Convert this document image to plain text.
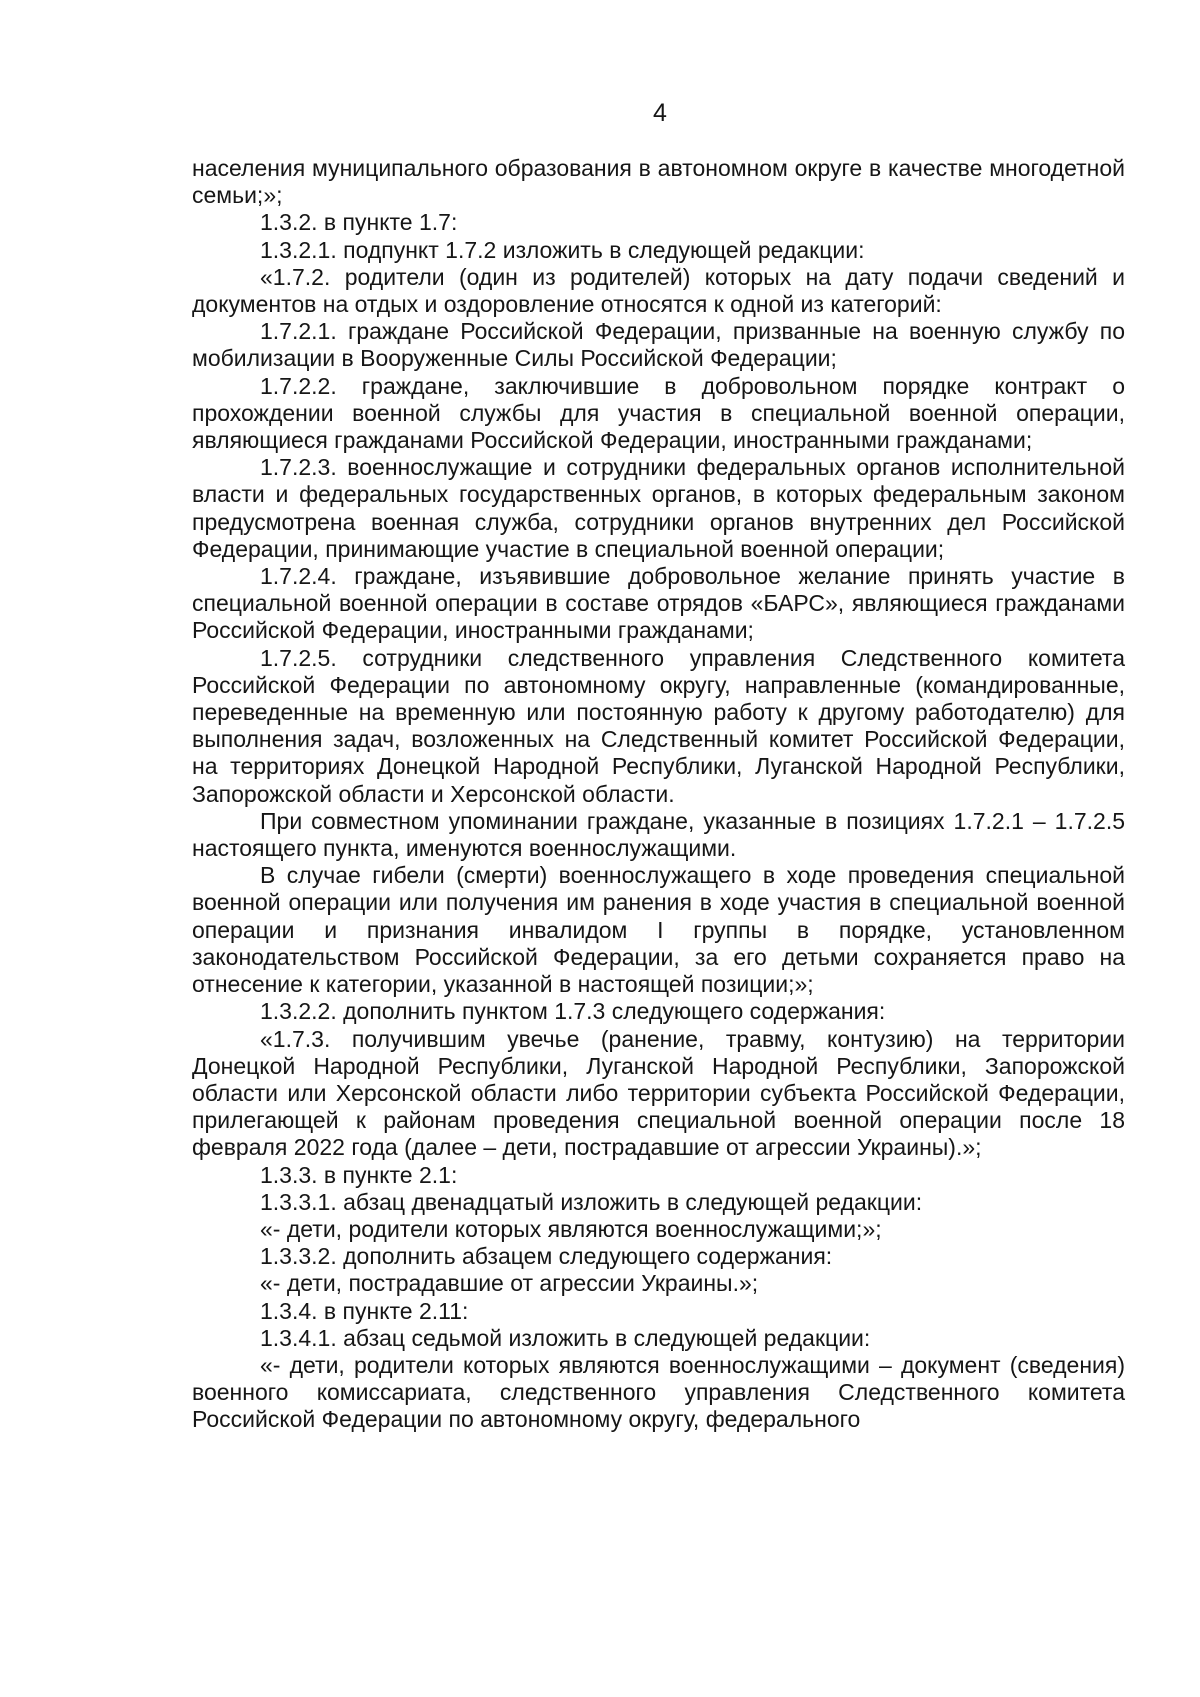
4

населения муниципального образования в автономном округе в качестве многодетной семьи;»;

1.3.2. в пункте 1.7:

1.3.2.1. подпункт 1.7.2 изложить в следующей редакции:

«1.7.2. родители (один из родителей) которых на дату подачи сведений и документов на отдых и оздоровление относятся к одной из категорий:

1.7.2.1. граждане Российской Федерации, призванные на военную службу по мобилизации в Вооруженные Силы Российской Федерации;

1.7.2.2. граждане, заключившие в добровольном порядке контракт о прохождении военной службы для участия в специальной военной операции, являющиеся гражданами Российской Федерации, иностранными гражданами;

1.7.2.3. военнослужащие и сотрудники федеральных органов исполнительной власти и федеральных государственных органов, в которых федеральным законом предусмотрена военная служба, сотрудники органов внутренних дел Российской Федерации, принимающие участие в специальной военной операции;

1.7.2.4. граждане, изъявившие добровольное желание принять участие в специальной военной операции в составе отрядов «БАРС», являющиеся гражданами Российской Федерации, иностранными гражданами;

1.7.2.5. сотрудники следственного управления Следственного комитета Российской Федерации по автономному округу, направленные (командированные, переведенные на временную или постоянную работу к другому работодателю) для выполнения задач, возложенных на Следственный комитет Российской Федерации, на территориях Донецкой Народной Республики, Луганской Народной Республики, Запорожской области и Херсонской области.

При совместном упоминании граждане, указанные в позициях 1.7.2.1 – 1.7.2.5 настоящего пункта, именуются военнослужащими.

В случае гибели (смерти) военнослужащего в ходе проведения специальной военной операции или получения им ранения в ходе участия в специальной военной операции и признания инвалидом I группы в порядке, установленном законодательством Российской Федерации, за его детьми сохраняется право на отнесение к категории, указанной в настоящей позиции;»;

1.3.2.2. дополнить пунктом 1.7.3 следующего содержания:

«1.7.3. получившим увечье (ранение, травму, контузию) на территории Донецкой Народной Республики, Луганской Народной Республики, Запорожской области или Херсонской области либо территории субъекта Российской Федерации, прилегающей к районам проведения специальной военной операции после 18 февраля 2022 года (далее – дети, пострадавшие от агрессии Украины).»;

1.3.3. в пункте 2.1:

1.3.3.1. абзац двенадцатый изложить в следующей редакции:

«- дети, родители которых являются военнослужащими;»;

1.3.3.2. дополнить абзацем следующего содержания:

«- дети, пострадавшие от агрессии Украины.»;

1.3.4. в пункте 2.11:

1.3.4.1. абзац седьмой изложить в следующей редакции:

«- дети, родители которых являются военнослужащими – документ (сведения) военного комиссариата, следственного управления Следственного комитета Российской Федерации по автономному округу, федерального
